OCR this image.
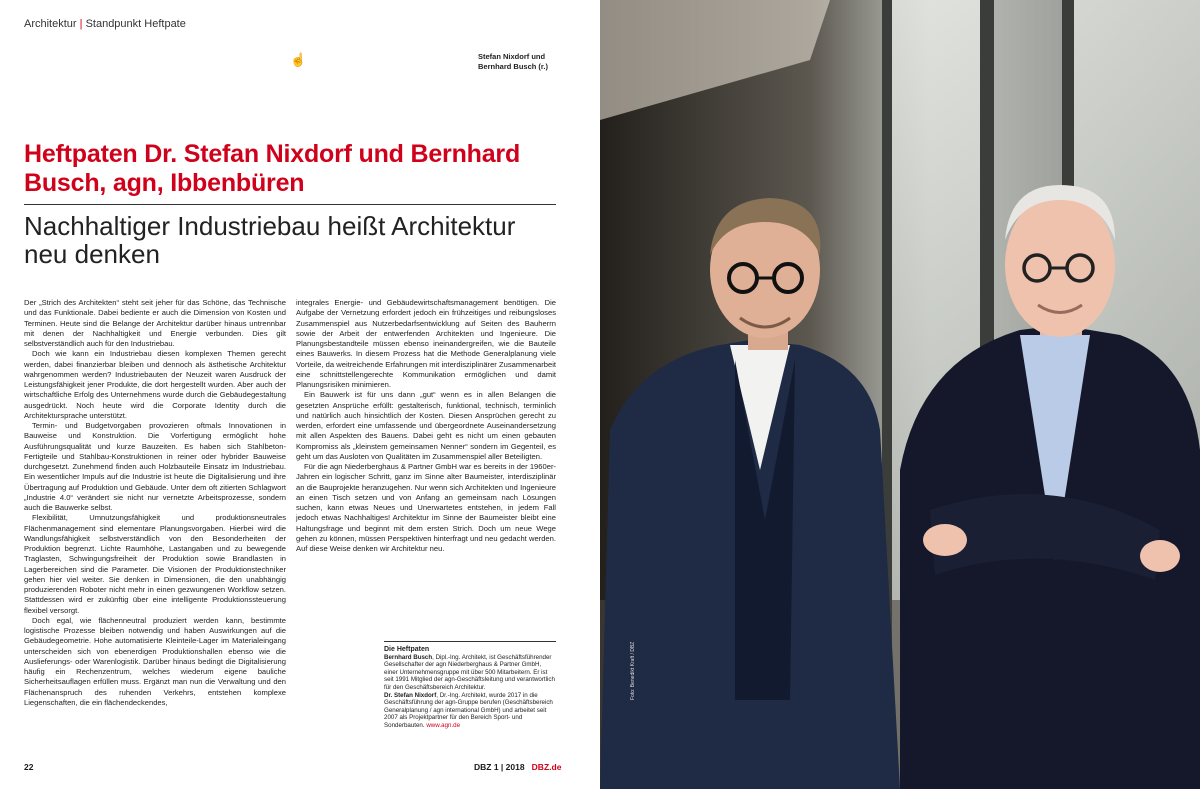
Architektur | Standpunkt Heftpate
☝	Stefan Nixdorf und
Bernhard Busch (r.)
Heftpaten Dr. Stefan Nixdorf und Bernhard Busch, agn, Ibbenbüren
Nachhaltiger Industriebau heißt Architektur neu denken

Der „Strich des Architekten“ steht seit jeher für das Schöne, das Technische und das Funktionale. Dabei bediente er auch die Dimension von Kosten und Terminen. Heute sind die Belange der Architektur darüber hinaus untrennbar mit denen der Nachhaltigkeit und Energie verbunden. Dies gilt selbstverständlich auch für den Industriebau.

Doch wie kann ein Industriebau diesen komplexen Themen gerecht werden, dabei finanzierbar bleiben und dennoch als ästhetische Architektur wahrgenommen werden? Industriebauten der Neuzeit waren Ausdruck der Leistungsfähigkeit jener Produkte, die dort hergestellt wurden. Aber auch der wirtschaftliche Erfolg des Unternehmens wurde durch die Gebäudegestaltung ausgedrückt. Noch heute wird die Corporate Identity durch die Architektursprache unterstützt.

Termin- und Budgetvorgaben provozieren oftmals Innovationen in Bauweise und Konstruktion. Die Vorfertigung ermöglicht hohe Ausführungsqualität und kurze Bauzeiten. Es haben sich Stahlbeton-Fertigteile und Stahlbau-Konstruktionen in reiner oder hybrider Bauweise durchgesetzt. Zunehmend finden auch Holzbauteile Einsatz im Industriebau. Ein wesentlicher Impuls auf die Industrie ist heute die Digitalisierung und ihre Übertragung auf Produktion und Gebäude. Unter dem oft zitierten Schlagwort „Industrie 4.0“ verändert sie nicht nur vernetzte Arbeitsprozesse, sondern auch die Bauwerke selbst.

Flexibilität, Umnutzungsfähigkeit und produktionsneutrales Flächenmanagement sind elementare Planungsvorgaben. Hierbei wird die Wandlungsfähigkeit selbstverständlich von den Besonderheiten der Produktion begrenzt. Lichte Raumhöhe, Lastangaben und zu bewegende Traglasten, Schwingungsfreiheit der Produktion sowie Brandlasten in Lagerbereichen sind die Parameter. Die Visionen der Produktionstechniker gehen hier viel weiter. Sie denken in Dimensionen, die den unabhängig produzierenden Roboter nicht mehr in einen gezwungenen Workflow setzen. Stattdessen wird er zukünftig über eine intelligente Produktionssteuerung flexibel versorgt.

Doch egal, wie flächenneutral produziert werden kann, bestimmte logistische Prozesse bleiben notwendig und haben Auswirkungen auf die Gebäudegeometrie. Hohe automatisierte Kleinteile-Lager im Materialeingang unterscheiden sich von ebenerdigen Produktionshallen ebenso wie die Auslieferungs- oder Warenlogistik. Darüber hinaus bedingt die Digitalisierung häufig ein Rechenzentrum, welches wiederum eigene bauliche Sicherheitsauflagen erfüllen muss. Ergänzt man nun die Verwaltung und den Flächenanspruch des ruhenden Verkehrs, entstehen komplexe Liegenschaften, die ein flächendeckendes,

integrales Energie- und Gebäudewirtschaftsmanagement benötigen. Die Aufgabe der Vernetzung erfordert jedoch ein frühzeitiges und reibungsloses Zusammenspiel aus Nutzerbedarfsentwicklung auf Seiten des Bauherrn sowie der Arbeit der entwerfenden Architekten und Ingenieure. Die Planungsbestandteile müssen ebenso ineinandergreifen, wie die Bauteile eines Bauwerks. In diesem Prozess hat die Methode Generalplanung viele Vorteile, da weitreichende Erfahrungen mit interdisziplinärer Zusammenarbeit eine schnittstellengerechte Kommunikation ermöglichen und damit Planungsrisiken minimieren.

Ein Bauwerk ist für uns dann „gut“ wenn es in allen Belangen die gesetzten Ansprüche erfüllt: gestalterisch, funktional, technisch, terminlich und natürlich auch hinsichtlich der Kosten. Diesen Ansprüchen gerecht zu werden, erfordert eine umfassende und übergeordnete Auseinandersetzung mit allen Aspekten des Bauens. Dabei geht es nicht um einen gebauten Kompromiss als „kleinstem gemeinsamen Nenner“ sondern im Gegenteil, es geht um das Ausloten von Qualitäten im Zusammenspiel aller Beteiligten.

Für die agn Niederberghaus & Partner GmbH war es bereits in der 1960er-Jahren ein logischer Schritt, ganz im Sinne alter Baumeister, interdisziplinär an die Bauprojekte heranzugehen. Nur wenn sich Architekten und Ingenieure an einen Tisch setzen und von Anfang an gemeinsam nach Lösungen suchen, kann etwas Neues und Unerwartetes entstehen, in jedem Fall jedoch etwas Nachhaltiges! Architektur im Sinne der Baumeister bleibt eine Haltungsfrage und beginnt mit dem ersten Strich. Doch um neue Wege gehen zu können, müssen Perspektiven hinterfragt und neu gedacht werden. Auf diese Weise denken wir Architektur neu.

Die Heftpaten
Bernhard Busch, Dipl.-Ing. Architekt, ist Geschäftsführender Gesellschafter der agn Niederberghaus & Partner GmbH, einer Unternehmensgruppe mit über 500 Mitarbeitern. Er ist seit 1991 Mitglied der agn-Geschäftsleitung und verantwortlich für den Geschäftsbereich Architektur.
Dr. Stefan Nixdorf, Dr.-Ing. Architekt, wurde 2017 in die Geschäftsführung der agn-Gruppe berufen (Geschäftsbereich Generalplanung / agn international GmbH) und arbeitet seit 2007 als Projektpartner für den Bereich Sport- und Sonderbauten. www.agn.de
22	DBZ 1 | 2018 DBZ.de
Foto: Benedikt Kraft / DBZ
